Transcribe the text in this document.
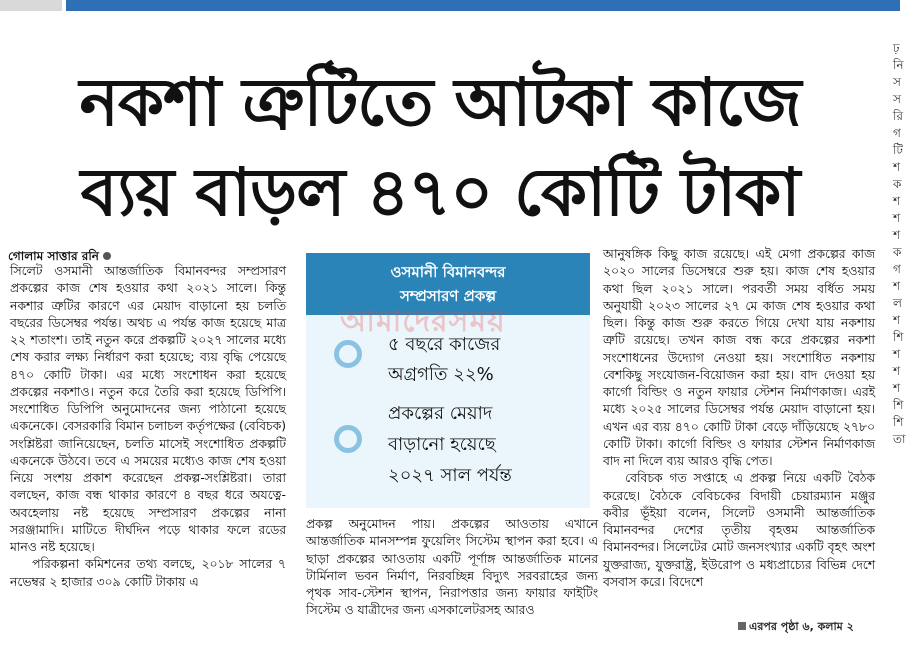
ঢ়
নি
স
স
রি
গ
টি
শ
ক
শ
শ
শ
ক
গ
শ
ল
শ
শি
শ
শ
শ
শি
শি
তা
নকশা ত্রুটিতে আটকা কাজে
ব্যয় বাড়ল ৪৭০ কোটি টাকা
গোলাম সাত্তার রনি

সিলেট ওসমানী আন্তর্জাতিক বিমানবন্দর সম্প্রসারণ প্রকল্পের কাজ শেষ হওয়ার কথা ২০২১ সালে। কিন্তু নকশার ত্রুটির কারণে এর মেয়াদ বাড়ানো হয় চলতি বছরের ডিসেম্বর পর্যন্ত। অথচ এ পর্যন্ত কাজ হয়েছে মাত্র ২২ শতাংশ। তাই নতুন করে প্রকল্পটি ২০২৭ সালের মধ্যে শেষ করার লক্ষ্য নির্ধারণ করা হয়েছে; ব্যয় বৃদ্ধি পেয়েছে ৪৭০ কোটি টাকা। এর মধ্যে সংশোধন করা হয়েছে প্রকল্পের নকশাও। নতুন করে তৈরি করা হয়েছে ডিপিপি। সংশোধিত ডিপিপি অনুমোদনের জন্য পাঠানো হয়েছে একনেকে। বেসরকারি বিমান চলাচল কর্তৃপক্ষের (বেবিচক) সংশ্লিষ্টরা জানিয়েছেন, চলতি মাসেই সংশোধিত প্রকল্পটি একনেকে উঠবে। তবে এ সময়ের মধ্যেও কাজ শেষ হওয়া নিয়ে সংশয় প্রকাশ করেছেন প্রকল্প-সংশ্লিষ্টরা। তারা বলছেন, কাজ বন্ধ থাকার কারণে ৪ বছর ধরে অযত্নে-অবহেলায় নষ্ট হয়েছে সম্প্রসারণ প্রকল্পের নানা সরঞ্জামাদি। মাটিতে দীর্ঘদিন পড়ে থাকার ফলে রডের মানও নষ্ট হয়েছে।

পরিকল্পনা কমিশনের তথ্য বলছে, ২০১৮ সালের ৭ নভেম্বর ২ হাজার ৩০৯ কোটি টাকায় এ

ওসমানী বিমানবন্দর
সম্প্রসারণ প্রকল্প
আমাদেরসময়
৫ বছরে কাজের
অগ্রগতি ২২%
প্রকল্পের মেয়াদ
বাড়ানো হয়েছে
২০২৭ সাল পর্যন্ত

প্রকল্প অনুমোদন পায়। প্রকল্পের আওতায় এখানে আন্তর্জাতিক মানসম্পন্ন ফুয়েলিং সিস্টেম স্থাপন করা হবে। এ ছাড়া প্রকল্পের আওতায় একটি পূর্ণাঙ্গ আন্তর্জাতিক মানের টার্মিনাল ভবন নির্মাণ, নিরবচ্ছিন্ন বিদ্যুৎ সরবরাহের জন্য পৃথক সাব-স্টেশন স্থাপন, নিরাপত্তার জন্য ফায়ার ফাইটিং সিস্টেম ও যাত্রীদের জন্য এসকালেটরসহ আরও

আনুষঙ্গিক কিছু কাজ রয়েছে। এই মেগা প্রকল্পের কাজ ২০২০ সালের ডিসেম্বরে শুরু হয়। কাজ শেষ হওয়ার কথা ছিল ২০২১ সালে। পরবর্তী সময় বর্ধিত সময় অনুযায়ী ২০২৩ সালের ২৭ মে কাজ শেষ হওয়ার কথা ছিল। কিন্তু কাজ শুরু করতে গিয়ে দেখা যায় নকশায় ত্রুটি রয়েছে। তখন কাজ বন্ধ করে প্রকল্পের নকশা সংশোধনের উদ্যোগ নেওয়া হয়। সংশোধিত নকশায় বেশকিছু সংযোজন-বিয়োজন করা হয়। বাদ দেওয়া হয় কার্গো বিল্ডিং ও নতুন ফায়ার স্টেশন নির্মাণকাজ। এরই মধ্যে ২০২৫ সালের ডিসেম্বর পর্যন্ত মেয়াদ বাড়ানো হয়। এখন এর ব্যয় ৪৭০ কোটি টাকা বেড়ে দাঁড়িয়েছে ২৭৮০ কোটি টাকা। কার্গো বিল্ডিং ও ফায়ার স্টেশন নির্মাণকাজ বাদ না দিলে ব্যয় আরও বৃদ্ধি পেত।

বেবিচক গত সপ্তাহে এ প্রকল্প নিয়ে একটি বৈঠক করেছে। বৈঠকে বেবিচকের বিদায়ী চেয়ারম্যান মঞ্জুর কবীর ভূঁইয়া বলেন, সিলেট ওসমানী আন্তর্জাতিক বিমানবন্দর দেশের তৃতীয় বৃহত্তম আন্তর্জাতিক বিমানবন্দর। সিলেটের মোট জনসংখ্যার একটি বৃহৎ অংশ যুক্তরাজ্য, যুক্তরাষ্ট্র, ইউরোপ ও মধ্যপ্রাচ্যের বিভিন্ন দেশে বসবাস করে। বিদেশে

এরপর পৃষ্ঠা ৬, কলাম ২
